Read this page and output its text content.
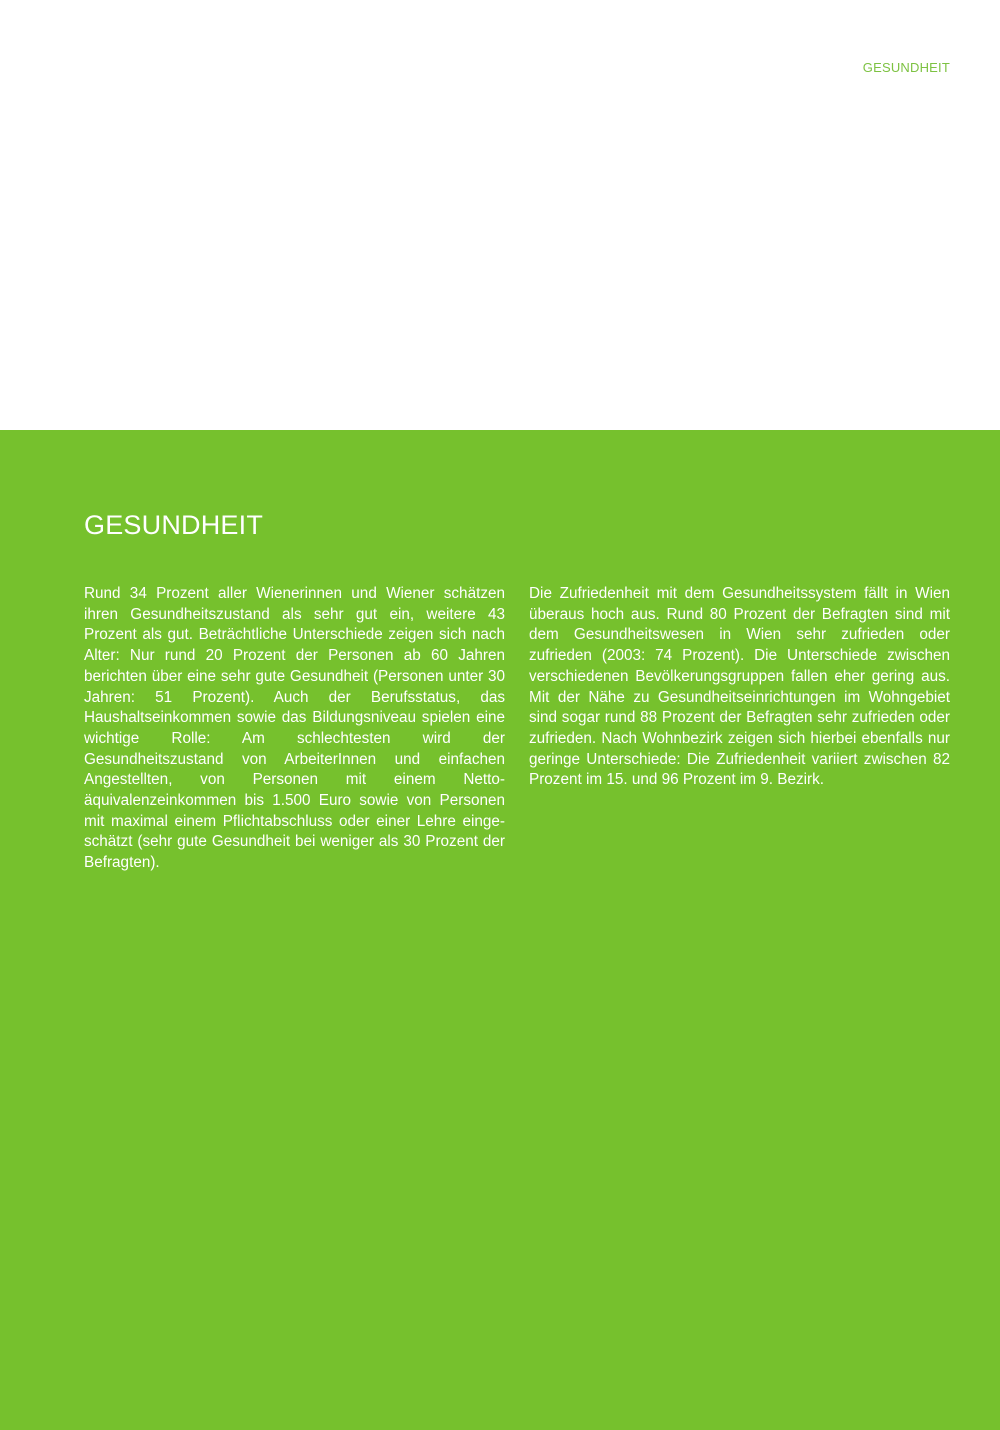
GESUNDHEIT
GESUNDHEIT

Rund 34 Prozent aller Wienerinnen und Wiener schätzen ihren Gesundheitszustand als sehr gut ein, weitere 43 Prozent als gut. Beträchtliche Unterschiede zeigen sich nach Alter: Nur rund 20 Prozent der Personen ab 60 Jahren berichten über eine sehr gute Gesundheit (Personen unter 30 Jahren: 51 Prozent). Auch der Berufsstatus, das Haushaltseinkommen sowie das Bildungsniveau spielen eine wichtige Rolle: Am schlechtesten wird der Gesundheitszustand von ArbeiterInnen und einfachen Angestellten, von Personen mit einem Nettoäquivalenzeinkommen bis 1.500 Euro sowie von Personen mit maximal einem Pflichtabschluss oder einer Lehre eingeschätzt (sehr gute Gesundheit bei weniger als 30 Prozent der Befragten).

Die Zufriedenheit mit dem Gesundheitssystem fällt in Wien überaus hoch aus. Rund 80 Prozent der Befragten sind mit dem Gesundheitswesen in Wien sehr zufrieden oder zufrieden (2003: 74 Prozent). Die Unterschiede zwischen verschiedenen Bevölkerungsgruppen fallen eher gering aus. Mit der Nähe zu Gesundheitseinrichtungen im Wohngebiet sind sogar rund 88 Prozent der Befragten sehr zufrieden oder zufrieden. Nach Wohnbezirk zeigen sich hierbei ebenfalls nur geringe Unterschiede: Die Zufriedenheit variiert zwischen 82 Prozent im 15. und 96 Prozent im 9. Bezirk.
